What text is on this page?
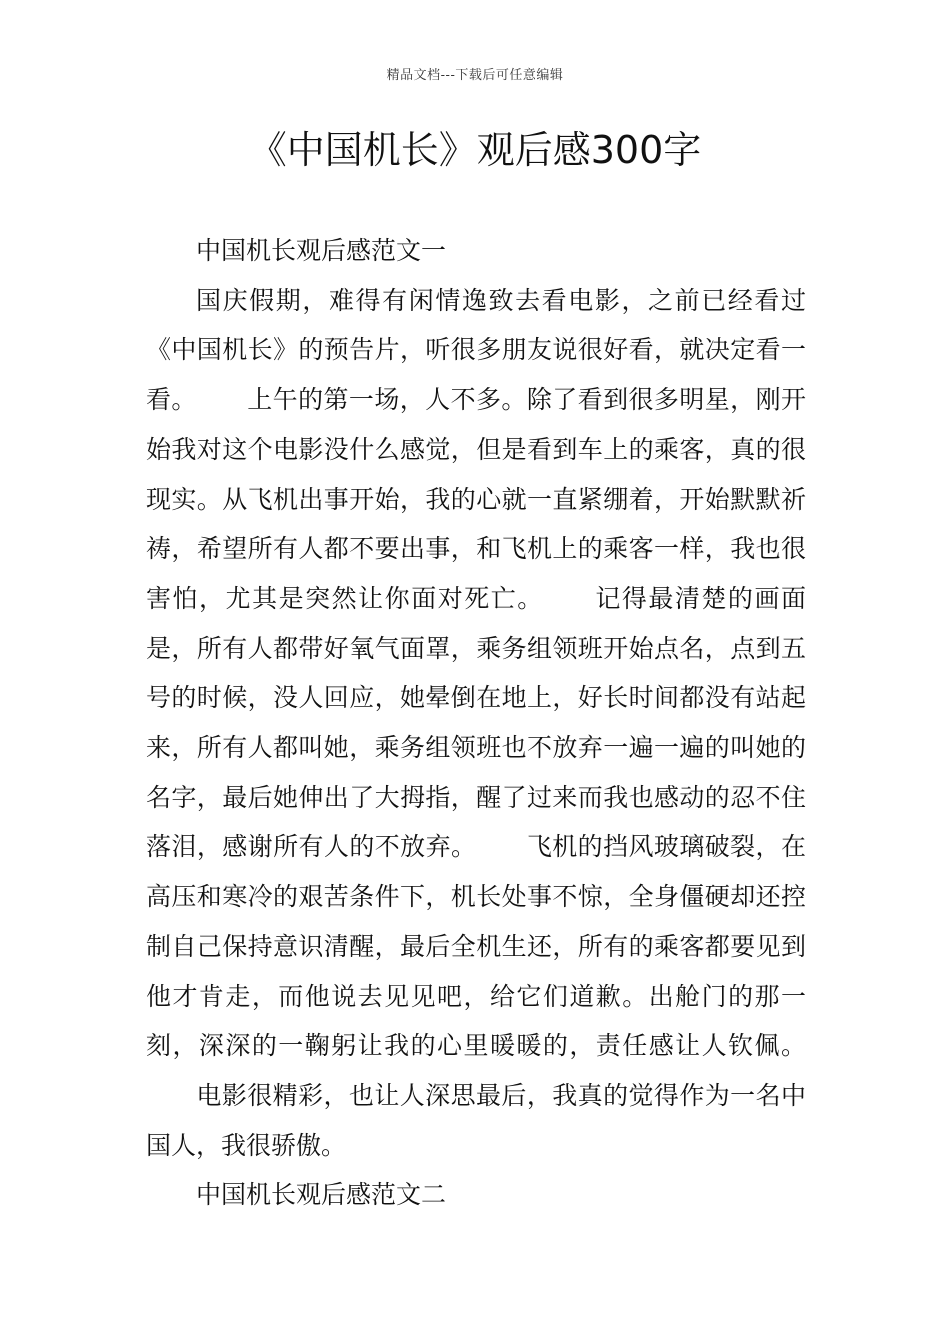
精品文档---下载后可任意编辑
《中国机长》观后感300字

中国机长观后感范文一

国庆假期，难得有闲情逸致去看电影，之前已经看过《中国机长》的预告片，听很多朋友说很好看，就决定看一看。 上午的第一场，人不多。除了看到很多明星，刚开始我对这个电影没什么感觉，但是看到车上的乘客，真的很现实。从飞机出事开始，我的心就一直紧绷着，开始默默祈祷，希望所有人都不要出事，和飞机上的乘客一样，我也很害怕，尤其是突然让你面对死亡。 记得最清楚的画面是，所有人都带好氧气面罩，乘务组领班开始点名，点到五号的时候，没人回应，她晕倒在地上，好长时间都没有站起来，所有人都叫她，乘务组领班也不放弃一遍一遍的叫她的名字，最后她伸出了大拇指，醒了过来而我也感动的忍不住落泪，感谢所有人的不放弃。 飞机的挡风玻璃破裂，在高压和寒冷的艰苦条件下，机长处事不惊，全身僵硬却还控制自己保持意识清醒，最后全机生还，所有的乘客都要见到他才肯走，而他说去见见吧，给它们道歉。出舱门的那一刻，深深的一鞠躬让我的心里暖暖的，责任感让人钦佩。电影很精彩，也让人深思最后，我真的觉得作为一名中国人，我很骄傲。

中国机长观后感范文二
